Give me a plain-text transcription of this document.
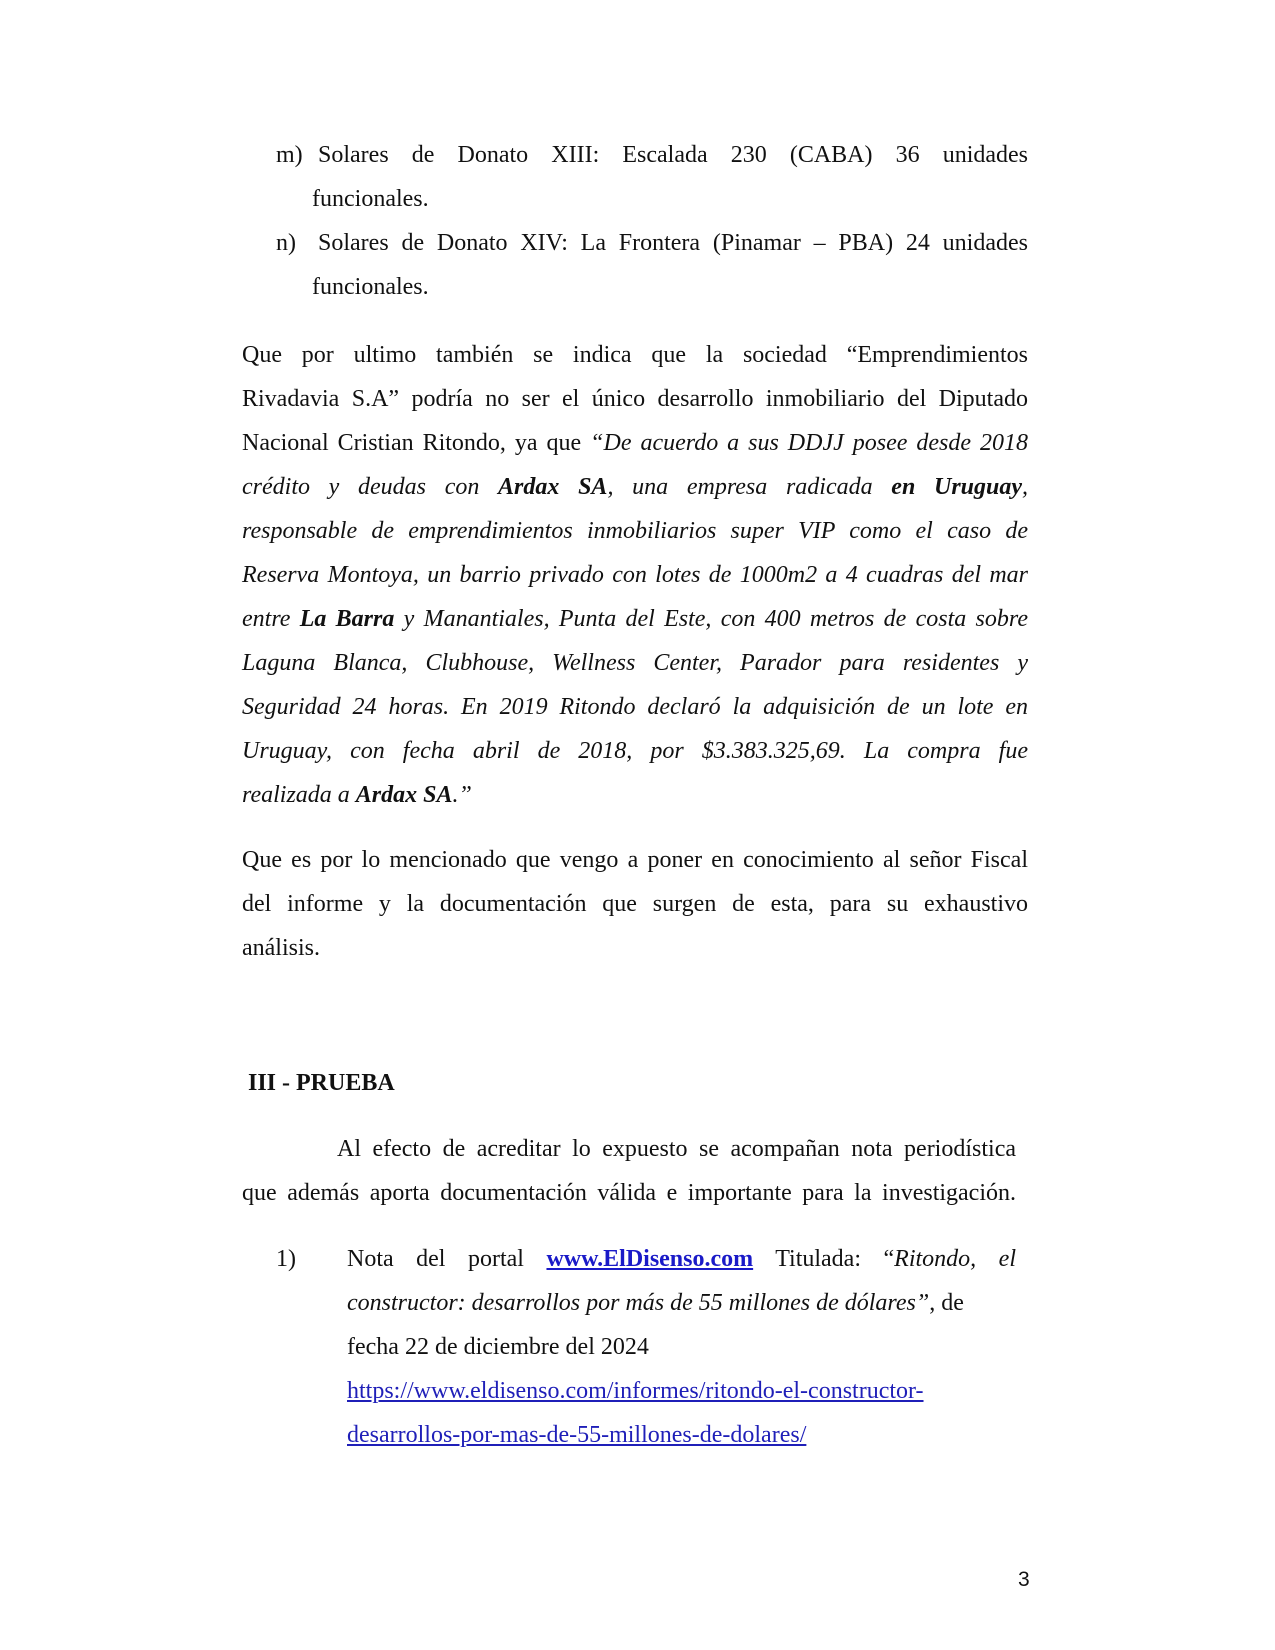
m) Solares de Donato XIII: Escalada 230 (CABA) 36 unidades
funcionales.
n) Solares de Donato XIV: La Frontera (Pinamar – PBA) 24 unidades
funcionales.
Que por ultimo también se indica que la sociedad “Emprendimientos
Rivadavia S.A” podría no ser el único desarrollo inmobiliario del Diputado
Nacional Cristian Ritondo, ya que “De acuerdo a sus DDJJ posee desde 2018
crédito y deudas con Ardax SA, una empresa radicada en Uruguay,
responsable de emprendimientos inmobiliarios super VIP como el caso de
Reserva Montoya, un barrio privado con lotes de 1000m2 a 4 cuadras del mar
entre La Barra y Manantiales, Punta del Este, con 400 metros de costa sobre
Laguna Blanca, Clubhouse, Wellness Center, Parador para residentes y
Seguridad 24 horas. En 2019 Ritondo declaró la adquisición de un lote en
Uruguay, con fecha abril de 2018, por $3.383.325,69. La compra fue
realizada a Ardax SA.”
Que es por lo mencionado que vengo a poner en conocimiento al señor Fiscal
del informe y la documentación que surgen de esta, para su exhaustivo
análisis.
III - PRUEBA
Al efecto de acreditar lo expuesto se acompañan nota periodística
que además aporta documentación válida e importante para la investigación.
1) Nota del portal www.ElDisenso.com Titulada: “Ritondo, el
constructor: desarrollos por más de 55 millones de dólares”, de
fecha 22 de diciembre del 2024
https://www.eldisenso.com/informes/ritondo-el-constructor-
desarrollos-por-mas-de-55-millones-de-dolares/
3
